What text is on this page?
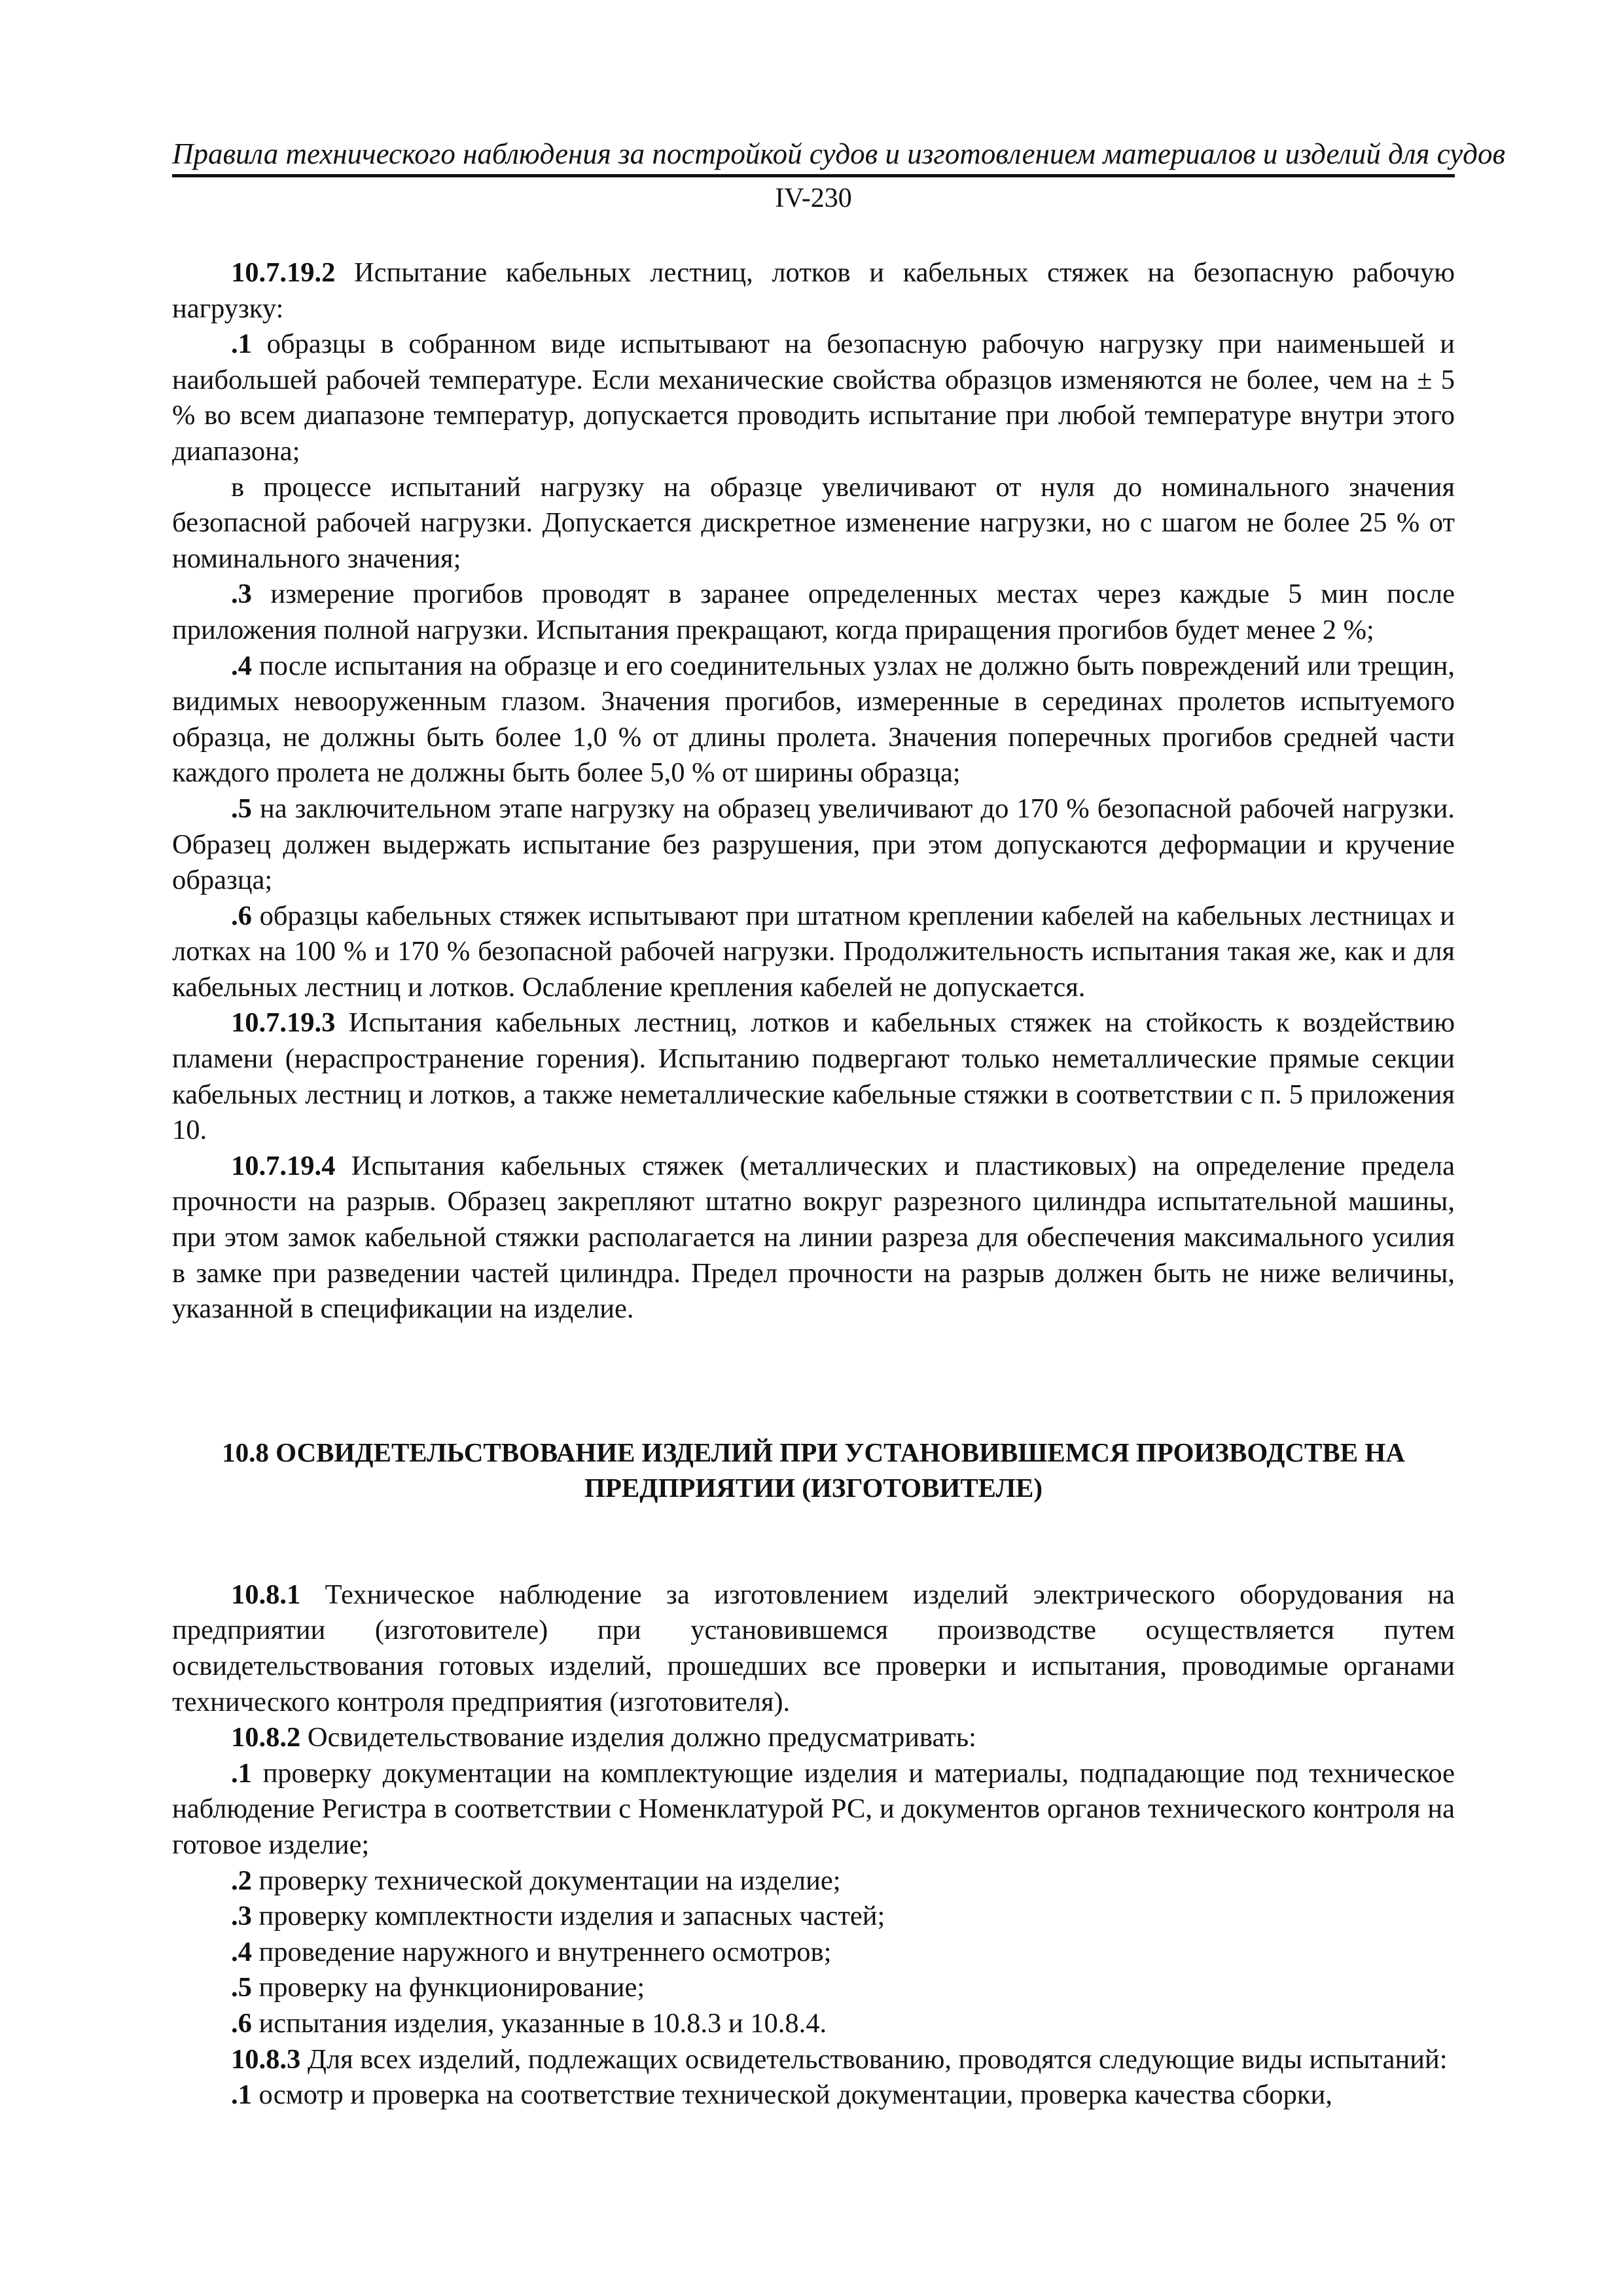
Правила технического наблюдения за постройкой судов и изготовлением материалов и изделий для судов
IV-230

10.7.19.2 Испытание кабельных лестниц, лотков и кабельных стяжек на безопасную рабочую нагрузку:

.1 образцы в собранном виде испытывают на безопасную рабочую нагрузку при наименьшей и наибольшей рабочей температуре. Если механические свойства образцов изменяются не более, чем на ± 5 % во всем диапазоне температур, допускается проводить испытание при любой температуре внутри этого диапазона;

в процессе испытаний нагрузку на образце увеличивают от нуля до номинального значения безопасной рабочей нагрузки. Допускается дискретное изменение нагрузки, но с шагом не более 25 % от номинального значения;

.3 измерение прогибов проводят в заранее определенных местах через каждые 5 мин после приложения полной нагрузки. Испытания прекращают, когда приращения прогибов будет менее 2 %;

.4 после испытания на образце и его соединительных узлах не должно быть повреждений или трещин, видимых невооруженным глазом. Значения прогибов, измеренные в серединах пролетов испытуемого образца, не должны быть более 1,0 % от длины пролета. Значения поперечных прогибов средней части каждого пролета не должны быть более 5,0 % от ширины образца;

.5 на заключительном этапе нагрузку на образец увеличивают до 170 % безопасной рабочей нагрузки. Образец должен выдержать испытание без разрушения, при этом допускаются деформации и кручение образца;

.6 образцы кабельных стяжек испытывают при штатном креплении кабелей на кабельных лестницах и лотках на 100 % и 170 % безопасной рабочей нагрузки. Продолжительность испытания такая же, как и для кабельных лестниц и лотков. Ослабление крепления кабелей не допускается.

10.7.19.3 Испытания кабельных лестниц, лотков и кабельных стяжек на стойкость к воздействию пламени (нераспространение горения). Испытанию подвергают только неметаллические прямые секции кабельных лестниц и лотков, а также неметаллические кабельные стяжки в соответствии с п. 5 приложения 10.

10.7.19.4 Испытания кабельных стяжек (металлических и пластиковых) на определение предела прочности на разрыв. Образец закрепляют штатно вокруг разрезного цилиндра испытательной машины, при этом замок кабельной стяжки располагается на линии разреза для обеспечения максимального усилия в замке при разведении частей цилиндра. Предел прочности на разрыв должен быть не ниже величины, указанной в спецификации на изделие.

10.8 ОСВИДЕТЕЛЬСТВОВАНИЕ ИЗДЕЛИЙ ПРИ УСТАНОВИВШЕМСЯ ПРОИЗВОДСТВЕ НА
ПРЕДПРИЯТИИ (ИЗГОТОВИТЕЛЕ)

10.8.1 Техническое наблюдение за изготовлением изделий электрического оборудования на предприятии (изготовителе) при установившемся производстве осуществляется путем освидетельствования готовых изделий, прошедших все проверки и испытания, проводимые органами технического контроля предприятия (изготовителя).

10.8.2 Освидетельствование изделия должно предусматривать:

.1 проверку документации на комплектующие изделия и материалы, подпадающие под техническое наблюдение Регистра в соответствии с Номенклатурой РС, и документов органов технического контроля на готовое изделие;

.2 проверку технической документации на изделие;

.3 проверку комплектности изделия и запасных частей;

.4 проведение наружного и внутреннего осмотров;

.5 проверку на функционирование;

.6 испытания изделия, указанные в 10.8.3 и 10.8.4.

10.8.3 Для всех изделий, подлежащих освидетельствованию, проводятся следующие виды испытаний:

.1 осмотр и проверка на соответствие технической документации, проверка качества сборки,
